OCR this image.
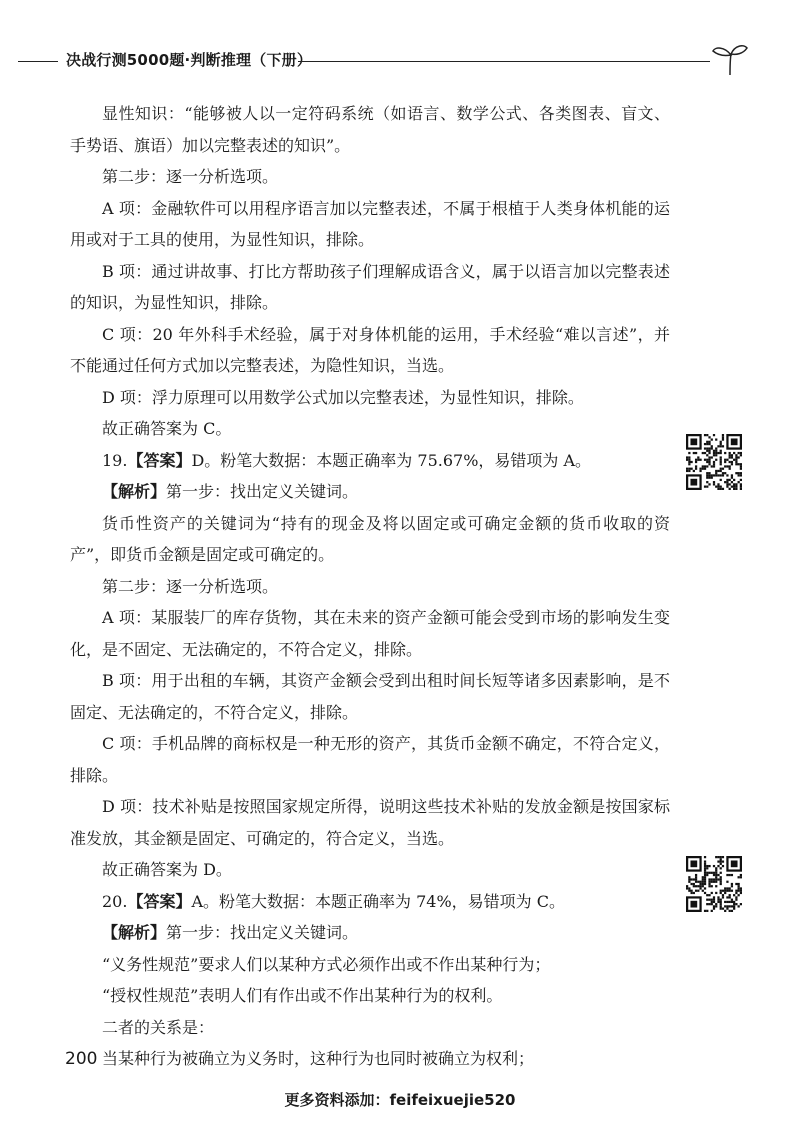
决战行测5000题·判断推理（下册）

显性知识：“能够被人以一定符码系统（如语言、数学公式、各类图表、盲文、手势语、旗语）加以完整表述的知识”。

第二步：逐一分析选项。

A 项：金融软件可以用程序语言加以完整表述，不属于根植于人类身体机能的运用或对于工具的使用，为显性知识，排除。

B 项：通过讲故事、打比方帮助孩子们理解成语含义，属于以语言加以完整表述的知识，为显性知识，排除。

C 项：20 年外科手术经验，属于对身体机能的运用，手术经验“难以言述”，并不能通过任何方式加以完整表述，为隐性知识，当选。

D 项：浮力原理可以用数学公式加以完整表述，为显性知识，排除。

故正确答案为 C。

19.【答案】D。粉笔大数据：本题正确率为 75.67%，易错项为 A。

【解析】第一步：找出定义关键词。

货币性资产的关键词为“持有的现金及将以固定或可确定金额的货币收取的资产”，即货币金额是固定或可确定的。

第二步：逐一分析选项。

A 项：某服装厂的库存货物，其在未来的资产金额可能会受到市场的影响发生变化，是不固定、无法确定的，不符合定义，排除。

B 项：用于出租的车辆，其资产金额会受到出租时间长短等诸多因素影响，是不固定、无法确定的，不符合定义，排除。

C 项：手机品牌的商标权是一种无形的资产，其货币金额不确定，不符合定义，排除。

D 项：技术补贴是按照国家规定所得，说明这些技术补贴的发放金额是按国家标准发放，其金额是固定、可确定的，符合定义，当选。

故正确答案为 D。

20.【答案】A。粉笔大数据：本题正确率为 74%，易错项为 C。

【解析】第一步：找出定义关键词。

“义务性规范”要求人们以某种方式必须作出或不作出某种行为；

“授权性规范”表明人们有作出或不作出某种行为的权利。

二者的关系是：

当某种行为被确立为义务时，这种行为也同时被确立为权利；

200
更多资料添加：feifeixuejie520
